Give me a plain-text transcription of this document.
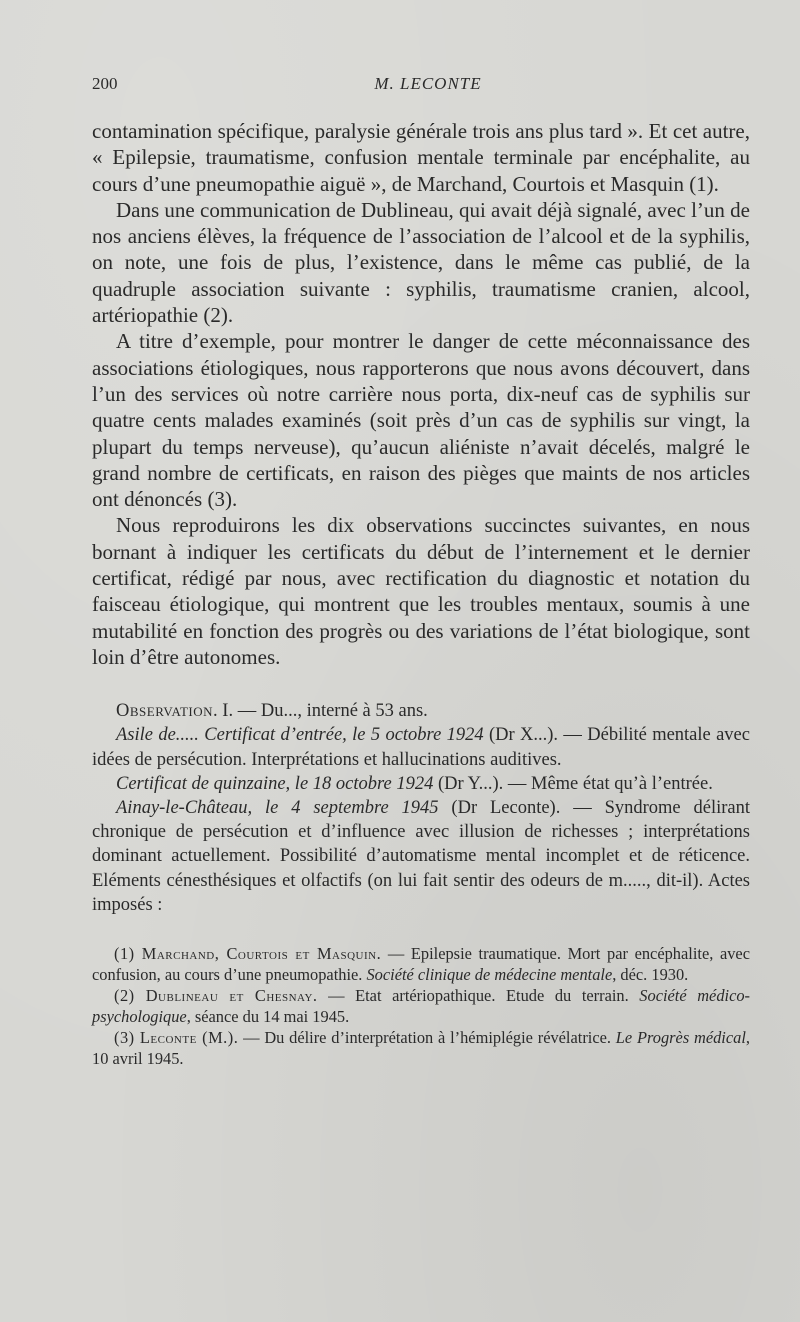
200	M. LECONTE

contamination spécifique, paralysie générale trois ans plus tard ». Et cet autre, « Epilepsie, traumatisme, confusion mentale terminale par encéphalite, au cours d’une pneumopathie aiguë », de Marchand, Courtois et Masquin (1).

Dans une communication de Dublineau, qui avait déjà signalé, avec l’un de nos anciens élèves, la fréquence de l’association de l’alcool et de la syphilis, on note, une fois de plus, l’existence, dans le même cas publié, de la quadruple association suivante : syphilis, traumatisme cranien, alcool, artériopathie (2).

A titre d’exemple, pour montrer le danger de cette méconnaissance des associations étiologiques, nous rapporterons que nous avons découvert, dans l’un des services où notre carrière nous porta, dix-neuf cas de syphilis sur quatre cents malades examinés (soit près d’un cas de syphilis sur vingt, la plupart du temps nerveuse), qu’aucun aliéniste n’avait décelés, malgré le grand nombre de certificats, en raison des pièges que maints de nos articles ont dénoncés (3).

Nous reproduirons les dix observations succinctes suivantes, en nous bornant à indiquer les certificats du début de l’internement et le dernier certificat, rédigé par nous, avec rectification du diagnostic et notation du faisceau étiologique, qui montrent que les troubles mentaux, soumis à une mutabilité en fonction des progrès ou des variations de l’état biologique, sont loin d’être autonomes.

Observation. I. — Du..., interné à 53 ans.

Asile de..... Certificat d’entrée, le 5 octobre 1924 (Dr X...). — Débilité mentale avec idées de persécution. Interprétations et hallucinations auditives.

Certificat de quinzaine, le 18 octobre 1924 (Dr Y...). — Même état qu’à l’entrée.

Ainay-le-Château, le 4 septembre 1945 (Dr Leconte). — Syndrome délirant chronique de persécution et d’influence avec illusion de richesses ; interprétations dominant actuellement. Possibilité d’automatisme mental incomplet et de réticence. Eléments cénesthésiques et olfactifs (on lui fait sentir des odeurs de m....., dit-il). Actes imposés :

(1) Marchand, Courtois et Masquin. — Epilepsie traumatique. Mort par encéphalite, avec confusion, au cours d’une pneumopathie. Société clinique de médecine mentale, déc. 1930.

(2) Dublineau et Chesnay. — Etat artériopathique. Etude du terrain. Société médico-psychologique, séance du 14 mai 1945.

(3) Leconte (M.). — Du délire d’interprétation à l’hémiplégie révélatrice. Le Progrès médical, 10 avril 1945.
